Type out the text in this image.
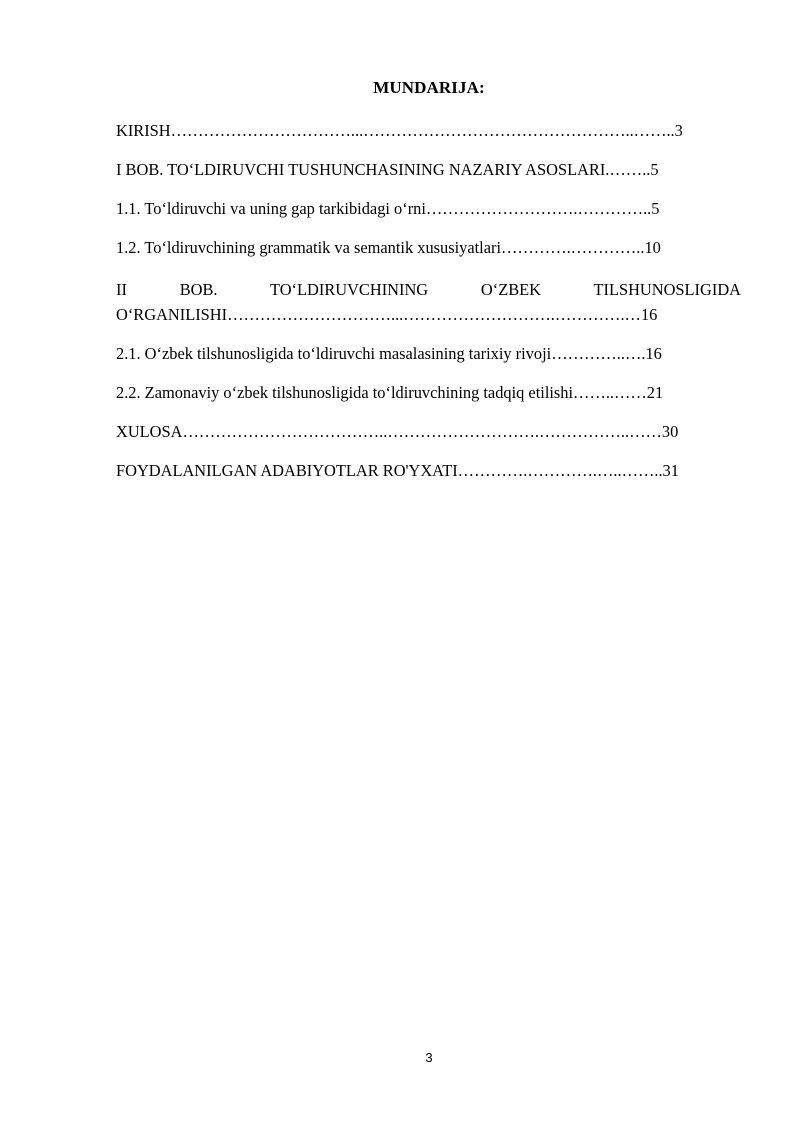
MUNDARIJA:
KIRISH……………………………...…………………………………………..……..3
I BOB. TO‘LDIRUVCHI TUSHUNCHASINING NAZARIY ASOSLARI.……..5
1.1. To‘ldiruvchi va uning gap tarkibidagi o‘rni……………………….…………..5
1.2. To‘ldiruvchining grammatik va semantik xususiyatlari………….…………..10
II BOB. TO‘LDIRUVCHINING O‘ZBEK TILSHUNOSLIGIDA
O‘RGANILISHI…………………………...……………………….………….…16
2.1. O‘zbek tilshunosligida to‘ldiruvchi masalasining tarixiy rivoji…………..….16
2.2. Zamonaviy o‘zbek tilshunosligida to‘ldiruvchining tadqiq etilishi……..……21
XULOSA………………………………..……………………….……………..……30
FOYDALANILGAN ADABIYOTLAR RO'YXATI………….………….…..……..31
3
